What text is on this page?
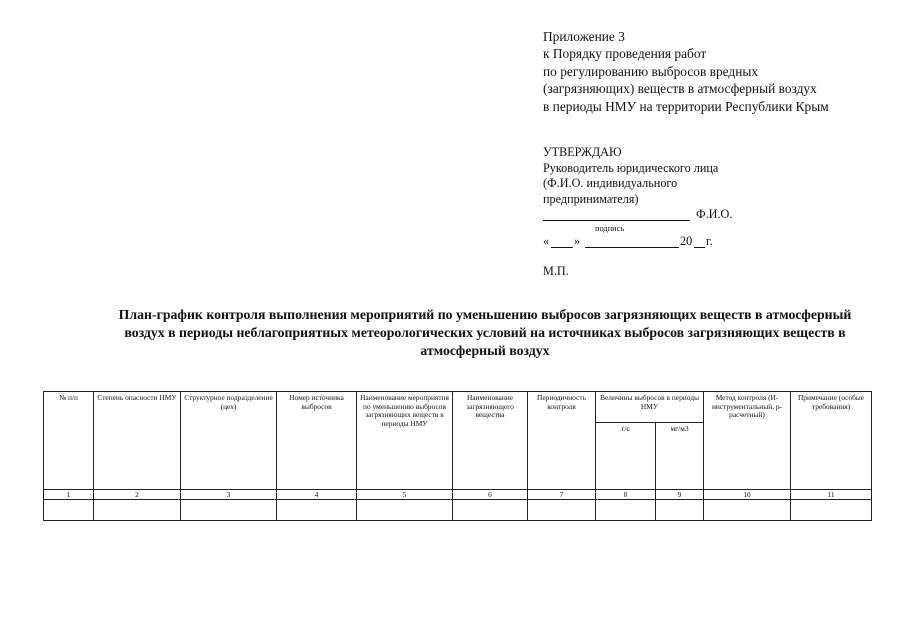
Приложение 3
к Порядку проведения работ
по регулированию выбросов вредных
(загрязняющих) веществ в атмосферный воздух
в периоды НМУ на территории Республики Крым
УТВЕРЖДАЮ
Руководитель юридического лица
(Ф.И.О. индивидуального
предпринимателя)
Ф.И.О.
подпись
« »	20 г.
М.П.
План-график контроля выполнения мероприятий по уменьшению выбросов загрязняющих веществ в атмосферный воздух в периоды неблагоприятных метеорологических условий на источниках выбросов загрязняющих веществ в атмосферный воздух
№ п/п	Степень опасности НМУ	Структурное подразделение (цех)	Номер источника выбросов	Наименование мероприятия по уменьшению выбросов загрязняющих веществ в периоды НМУ	Наименование загрязняющего вещества	Периодичность контроля	Величины выбросов в периоды НМУ		Метод контроля (И- инструментальный, р- расчетный)	Примечание (особые требования)
							г/с	мг/м3		
1	2	3	4	5	6	7	8	9	10	11
